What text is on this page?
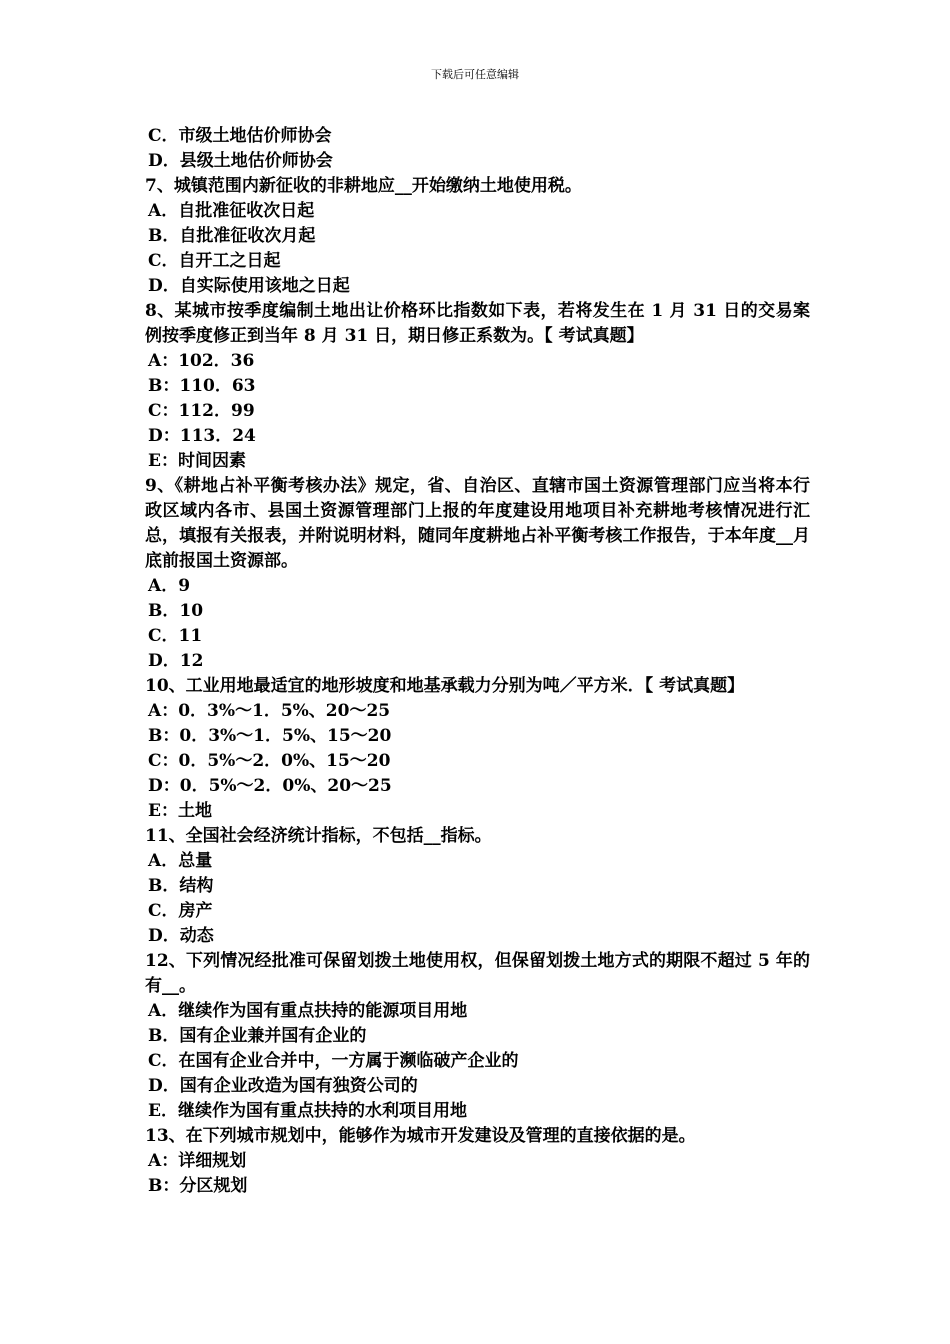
下载后可任意编辑
C．市级土地估价师协会
D．县级土地估价师协会
7、城镇范围内新征收的非耕地应__开始缴纳土地使用税。
A．自批准征收次日起
B．自批准征收次月起
C．自开工之日起
D．自实际使用该地之日起
8、某城市按季度编制土地出让价格环比指数如下表，若将发生在 1 月 31 日的交易案例按季度修正到当年 8 月 31 日，期日修正系数为。【 考试真题】
A：102．36
B：110．63
C：112．99
D：113．24
E：时间因素
9、《耕地占补平衡考核办法》规定，省、自治区、直辖市国土资源管理部门应当将本行政区域内各市、县国土资源管理部门上报的年度建设用地项目补充耕地考核情况进行汇总，填报有关报表，并附说明材料，随同年度耕地占补平衡考核工作报告，于本年度__月底前报国土资源部。
A．9
B．10
C．11
D．12
10、工业用地最适宜的地形坡度和地基承载力分别为吨／平方米．【 考试真题】
A：0．3%～1．5%、20～25
B：0．3%～1．5%、15～20
C：0．5%～2．0%、15～20
D：0．5%～2．0%、20～25
E：土地
11、全国社会经济统计指标，不包括__指标。
A．总量
B．结构
C．房产
D．动态
12、下列情况经批准可保留划拨土地使用权，但保留划拨土地方式的期限不超过 5 年的有__。
A．继续作为国有重点扶持的能源项目用地
B．国有企业兼并国有企业的
C．在国有企业合并中，一方属于濒临破产企业的
D．国有企业改造为国有独资公司的
E．继续作为国有重点扶持的水利项目用地
13、在下列城市规划中，能够作为城市开发建设及管理的直接依据的是。
A：详细规划
B：分区规划
